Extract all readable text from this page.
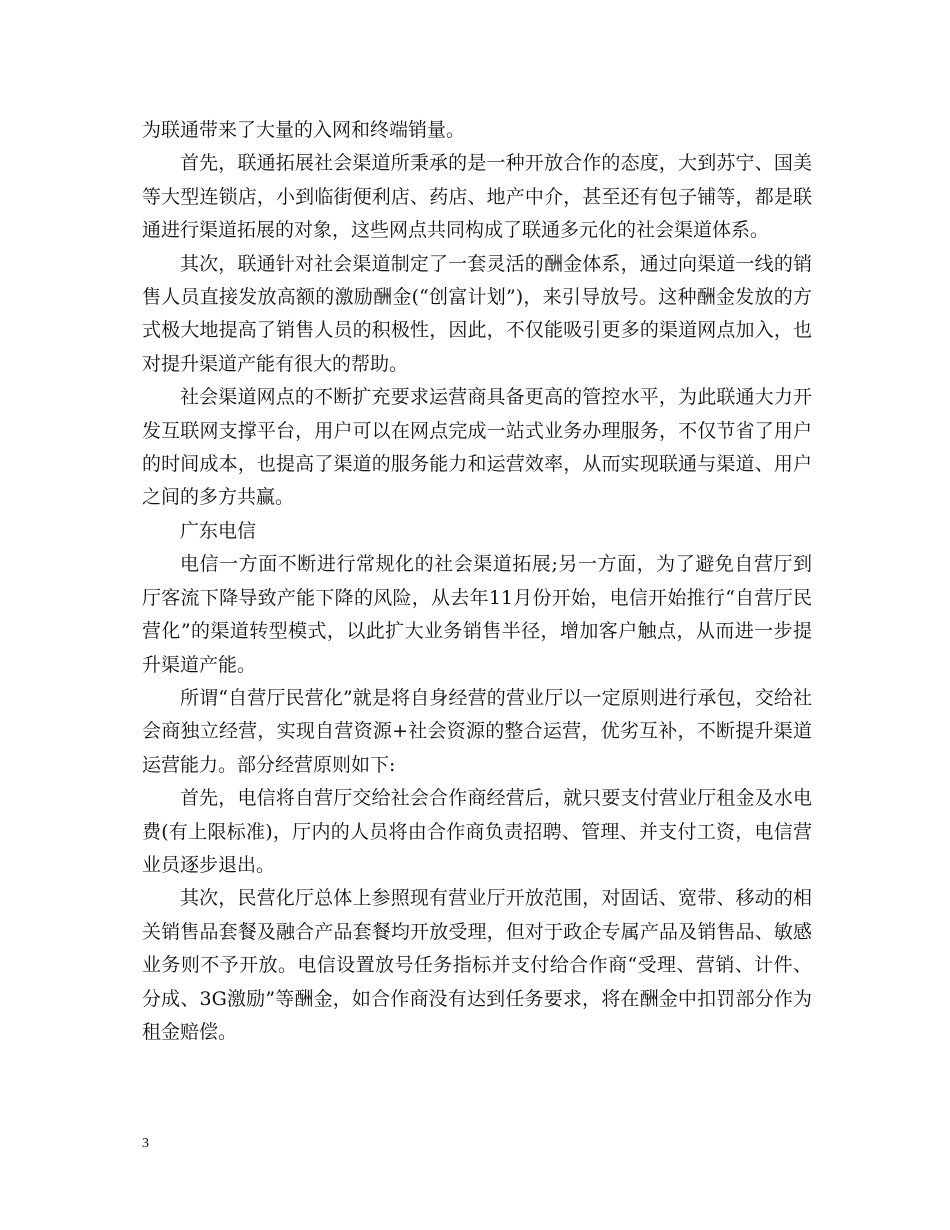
为联通带来了大量的入网和终端销量。

首先，联通拓展社会渠道所秉承的是一种开放合作的态度，大到苏宁、国美等大型连锁店，小到临街便利店、药店、地产中介，甚至还有包子铺等，都是联通进行渠道拓展的对象，这些网点共同构成了联通多元化的社会渠道体系。

其次，联通针对社会渠道制定了一套灵活的酬金体系，通过向渠道一线的销售人员直接发放高额的激励酬金(“创富计划”)，来引导放号。这种酬金发放的方式极大地提高了销售人员的积极性，因此，不仅能吸引更多的渠道网点加入，也对提升渠道产能有很大的帮助。

社会渠道网点的不断扩充要求运营商具备更高的管控水平，为此联通大力开发互联网支撑平台，用户可以在网点完成一站式业务办理服务，不仅节省了用户的时间成本，也提高了渠道的服务能力和运营效率，从而实现联通与渠道、用户之间的多方共赢。

广东电信

电信一方面不断进行常规化的社会渠道拓展;另一方面，为了避免自营厅到厅客流下降导致产能下降的风险，从去年11月份开始，电信开始推行“自营厅民营化”的渠道转型模式，以此扩大业务销售半径，增加客户触点，从而进一步提升渠道产能。

所谓“自营厅民营化”就是将自身经营的营业厅以一定原则进行承包，交给社会商独立经营，实现自营资源+社会资源的整合运营，优劣互补，不断提升渠道运营能力。部分经营原则如下:

首先，电信将自营厅交给社会合作商经营后，就只要支付营业厅租金及水电费(有上限标准)，厅内的人员将由合作商负责招聘、管理、并支付工资，电信营业员逐步退出。

其次，民营化厅总体上参照现有营业厅开放范围，对固话、宽带、移动的相关销售品套餐及融合产品套餐均开放受理，但对于政企专属产品及销售品、敏感业务则不予开放。电信设置放号任务指标并支付给合作商“受理、营销、计件、分成、3G激励”等酬金，如合作商没有达到任务要求，将在酬金中扣罚部分作为租金赔偿。

3
